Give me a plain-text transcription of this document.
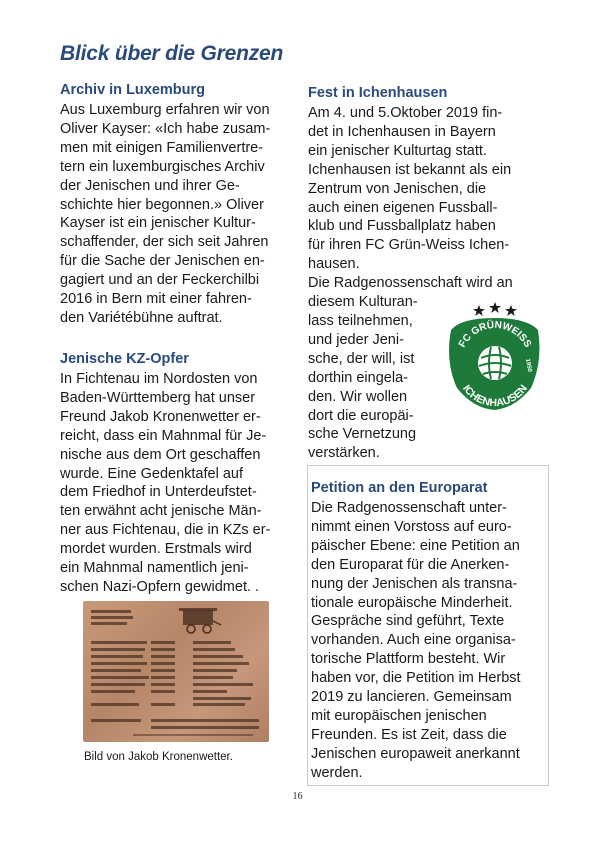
Blick über die Grenzen
Archiv in Luxemburg
Aus Luxemburg erfahren wir von
Oliver Kayser: «Ich habe zusam-
men mit einigen Familienvertre-
tern ein luxemburgisches Archiv
der Jenischen und ihrer Ge-
schichte hier begonnen.» Oliver
Kayser ist ein jenischer Kultur-
schaffender, der sich seit Jahren
für die Sache der Jenischen en-
gagiert und an der Feckerchilbi
2016 in Bern mit einer fahren-
den Variétébühne auftrat.
Jenische KZ-Opfer
In Fichtenau im Nordosten von
Baden-Württemberg hat unser
Freund Jakob Kronenwetter er-
reicht, dass ein Mahnmal für Je-
nische aus dem Ort geschaffen
wurde. Eine Gedenktafel auf
dem Friedhof in Unterdeufstet-
ten erwähnt acht jenische Män-
ner aus Fichtenau, die in KZs er-
mordet wurden. Erstmals wird
ein Mahnmal namentlich jeni-
schen Nazi-Opfern gewidmet. .
Bild von Jakob Kronenwetter.
Fest in Ichenhausen
Am 4. und 5.Oktober 2019 fin-
det in Ichenhausen in Bayern
ein jenischer Kulturtag statt.
Ichenhausen ist bekannt als ein
Zentrum von Jenischen, die
auch einen eigenen Fussball-
klub und Fussballplatz haben
für ihren FC Grün-Weiss Ichen-
hausen.
Die Radgenossenschaft wird an
diesem Kulturan-
lass teilnehmen,
und jeder Jeni-
sche, der will, ist
dorthin eingela-
den. Wir wollen
dort die europäi-
sche Vernetzung
verstärken.
FC GRÜNWEISS
ICHENHAUSEN
1950
Petition an den Europarat
Die Radgenossenschaft unter-
nimmt einen Vorstoss auf euro-
päischer Ebene: eine Petition an
den Europarat für die Anerken-
nung der Jenischen als transna-
tionale europäische Minderheit.
Gespräche sind geführt, Texte
vorhanden. Auch eine organisa-
torische Plattform besteht. Wir
haben vor, die Petition im Herbst
2019 zu lancieren. Gemeinsam
mit europäischen jenischen
Freunden. Es ist Zeit, dass die
Jenischen europaweit anerkannt
werden.
16
